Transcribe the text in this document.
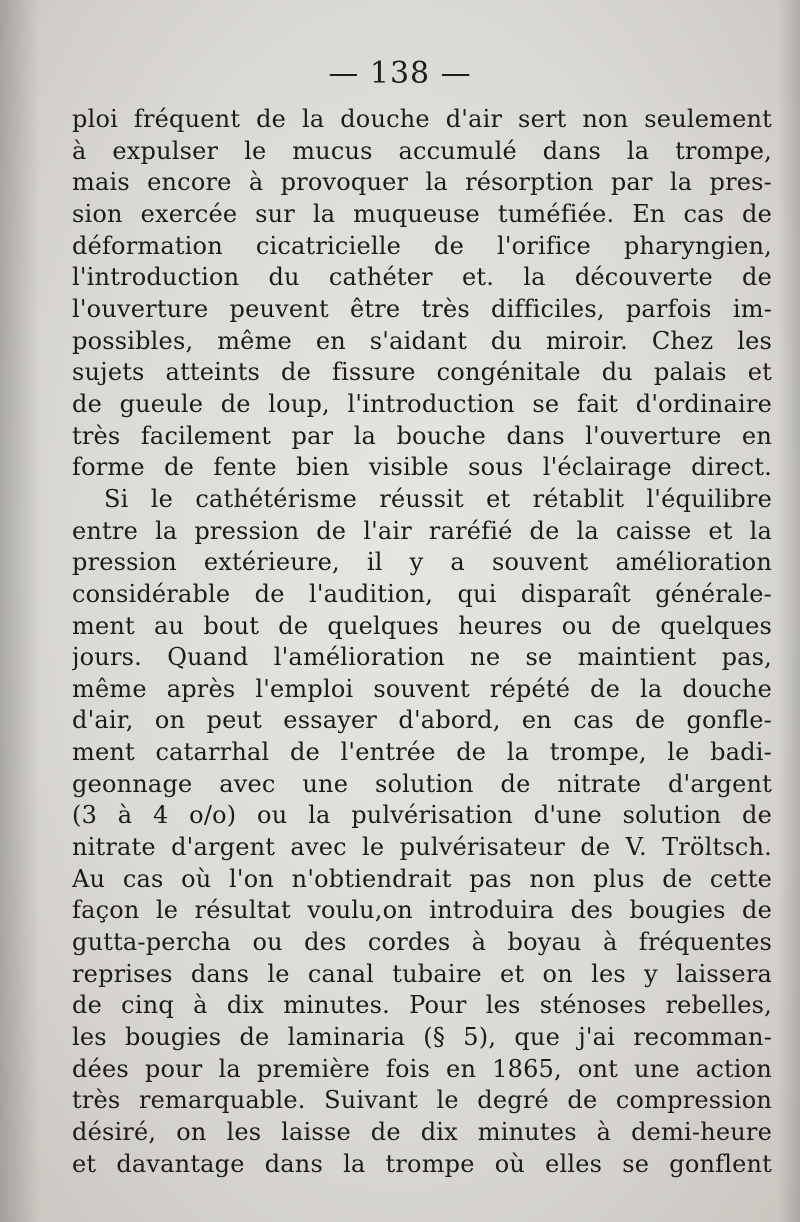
— 138 —
ploi fréquent de la douche d'air sert non seulement
à expulser le mucus accumulé dans la trompe,
mais encore à provoquer la résorption par la pres-
sion exercée sur la muqueuse tuméfiée. En cas de
déformation cicatricielle de l'orifice pharyngien,
l'introduction du cathéter et. la découverte de
l'ouverture peuvent être très difficiles, parfois im-
possibles, même en s'aidant du miroir. Chez les
sujets atteints de fissure congénitale du palais et
de gueule de loup, l'introduction se fait d'ordinaire
très facilement par la bouche dans l'ouverture en
forme de fente bien visible sous l'éclairage direct.
Si le cathétérisme réussit et rétablit l'équilibre
entre la pression de l'air raréfié de la caisse et la
pression extérieure, il y a souvent amélioration
considérable de l'audition, qui disparaît générale-
ment au bout de quelques heures ou de quelques
jours. Quand l'amélioration ne se maintient pas,
même après l'emploi souvent répété de la douche
d'air, on peut essayer d'abord, en cas de gonfle-
ment catarrhal de l'entrée de la trompe, le badi-
geonnage avec une solution de nitrate d'argent
(3 à 4 o/o) ou la pulvérisation d'une solution de
nitrate d'argent avec le pulvérisateur de V. Tröltsch.
Au cas où l'on n'obtiendrait pas non plus de cette
façon le résultat voulu,on introduira des bougies de
gutta-percha ou des cordes à boyau à fréquentes
reprises dans le canal tubaire et on les y laissera
de cinq à dix minutes. Pour les sténoses rebelles,
les bougies de laminaria (§ 5), que j'ai recomman-
dées pour la première fois en 1865, ont une action
très remarquable. Suivant le degré de compression
désiré, on les laisse de dix minutes à demi-heure
et davantage dans la trompe où elles se gonflent
